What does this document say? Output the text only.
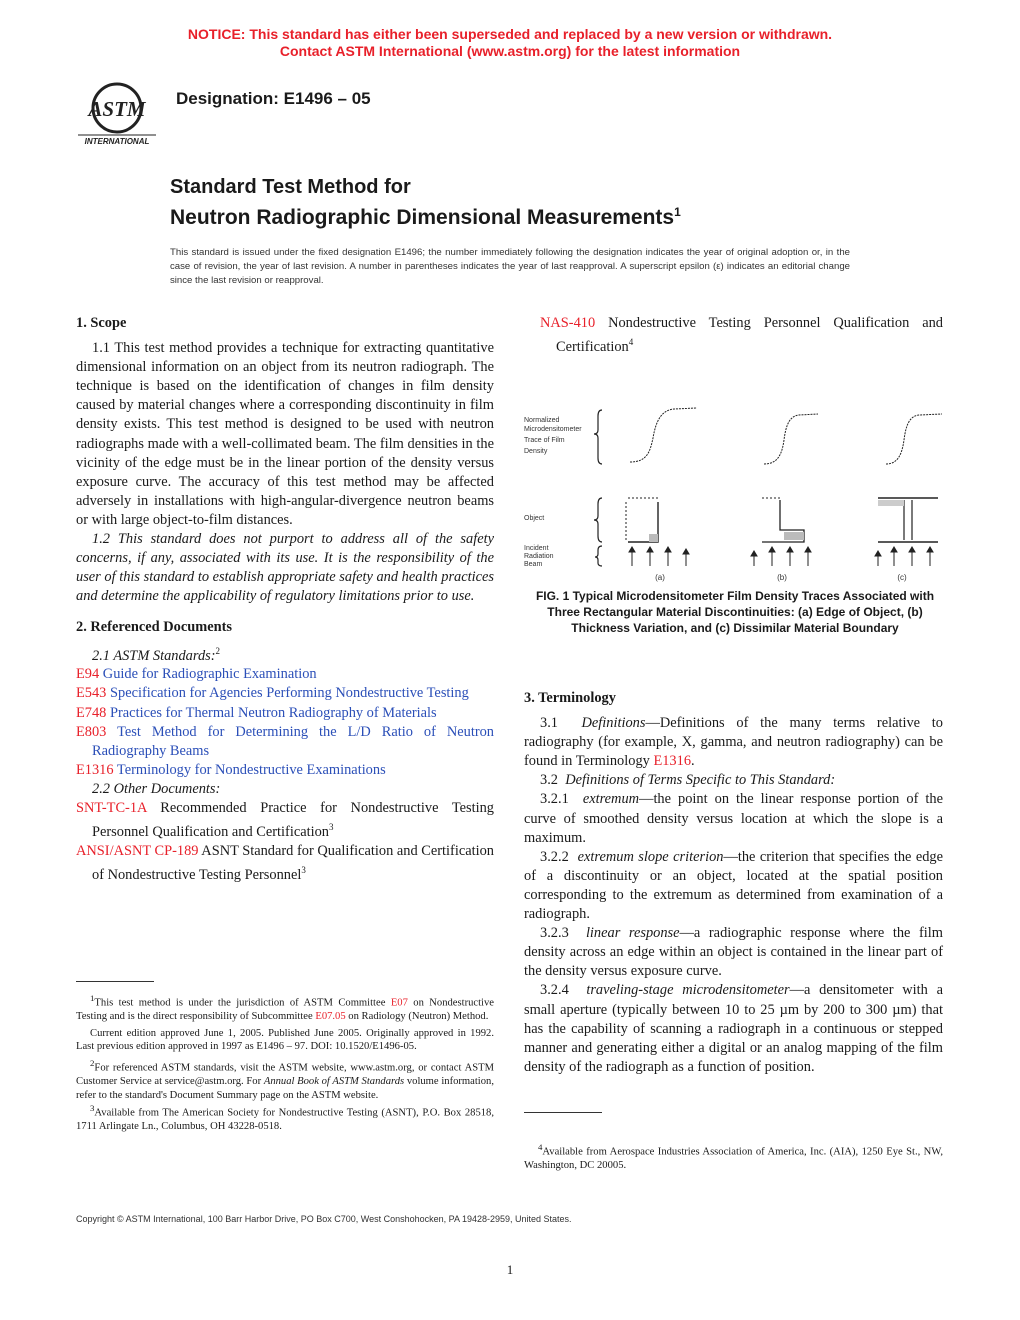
NOTICE: This standard has either been superseded and replaced by a new version or withdrawn.
Contact ASTM International (www.astm.org) for the latest information
ASTM
INTERNATIONAL
Designation: E1496 – 05
Standard Test Method for
Neutron Radiographic Dimensional Measurements$^1$
This standard is issued under the fixed designation E1496; the number immediately following the designation indicates the year of original adoption or, in the case of revision, the year of last revision. A number in parentheses indicates the year of last reapproval. A superscript epsilon (ε) indicates an editorial change since the last revision or reapproval.

1. Scope

1.1 This test method provides a technique for extracting quantitative dimensional information on an object from its neutron radiograph. The technique is based on the identification of changes in film density caused by material changes where a corresponding discontinuity in film density exists. This test method is designed to be used with neutron radiographs made with a well-collimated beam. The film densities in the vicinity of the edge must be in the linear portion of the density versus exposure curve. The accuracy of this test method may be affected adversely in installations with high-angular-divergence neutron beams or with large object-to-film distances.

1.2 This standard does not purport to address all of the safety concerns, if any, associated with its use. It is the responsibility of the user of this standard to establish appropriate safety and health practices and determine the applicability of regulatory limitations prior to use.

2. Referenced Documents

2.1 ASTM Standards:$^2$

E94 Guide for Radiographic Examination

E543 Specification for Agencies Performing Nondestructive Testing

E748 Practices for Thermal Neutron Radiography of Materials

E803 Test Method for Determining the L/D Ratio of Neutron Radiography Beams

E1316 Terminology for Nondestructive Examinations

2.2 Other Documents:

SNT-TC-1A Recommended Practice for Nondestructive Testing Personnel Qualification and Certification$^3$

ANSI/ASNT CP-189 ASNT Standard for Qualification and Certification of Nondestructive Testing Personnel$^3$

$^1$This test method is under the jurisdiction of ASTM Committee E07 on Nondestructive Testing and is the direct responsibility of Subcommittee E07.05 on Radiology (Neutron) Method.

Current edition approved June 1, 2005. Published June 2005. Originally approved in 1992. Last previous edition approved in 1997 as E1496 – 97. DOI: 10.1520/E1496-05.

$^2$For referenced ASTM standards, visit the ASTM website, www.astm.org, or contact ASTM Customer Service at service@astm.org. For Annual Book of ASTM Standards volume information, refer to the standard's Document Summary page on the ASTM website.

$^3$Available from The American Society for Nondestructive Testing (ASNT), P.O. Box 28518, 1711 Arlingate Ln., Columbus, OH 43228-0518.

NAS-410 Nondestructive Testing Personnel Qualification and Certification$^4$

Normalized
Microdensitometer
Trace of Film
Density
Object
Incident
Radiation
Beam
(a)	(b)	(c)
FIG. 1 Typical Microdensitometer Film Density Traces Associated with Three Rectangular Material Discontinuities: (a) Edge of Object, (b) Thickness Variation, and (c) Dissimilar Material Boundary

3. Terminology

3.1 Definitions—Definitions of the many terms relative to radiography (for example, X, gamma, and neutron radiography) can be found in Terminology E1316.

3.2 Definitions of Terms Specific to This Standard:

3.2.1 extremum—the point on the linear response portion of the curve of smoothed density versus location at which the slope is a maximum.

3.2.2 extremum slope criterion—the criterion that specifies the edge of a discontinuity or an object, located at the spatial position corresponding to the extremum as determined from examination of a radiograph.

3.2.3 linear response—a radiographic response where the film density across an edge within an object is contained in the linear part of the density versus exposure curve.

3.2.4 traveling-stage microdensitometer—a densitometer with a small aperture (typically between 10 to 25 µm by 200 to 300 µm) that has the capability of scanning a radiograph in a continuous or stepped manner and generating either a digital or an analog mapping of the film density of the radiograph as a function of position.

$^4$Available from Aerospace Industries Association of America, Inc. (AIA), 1250 Eye St., NW, Washington, DC 20005.

Copyright © ASTM International, 100 Barr Harbor Drive, PO Box C700, West Conshohocken, PA 19428-2959, United States.
1
